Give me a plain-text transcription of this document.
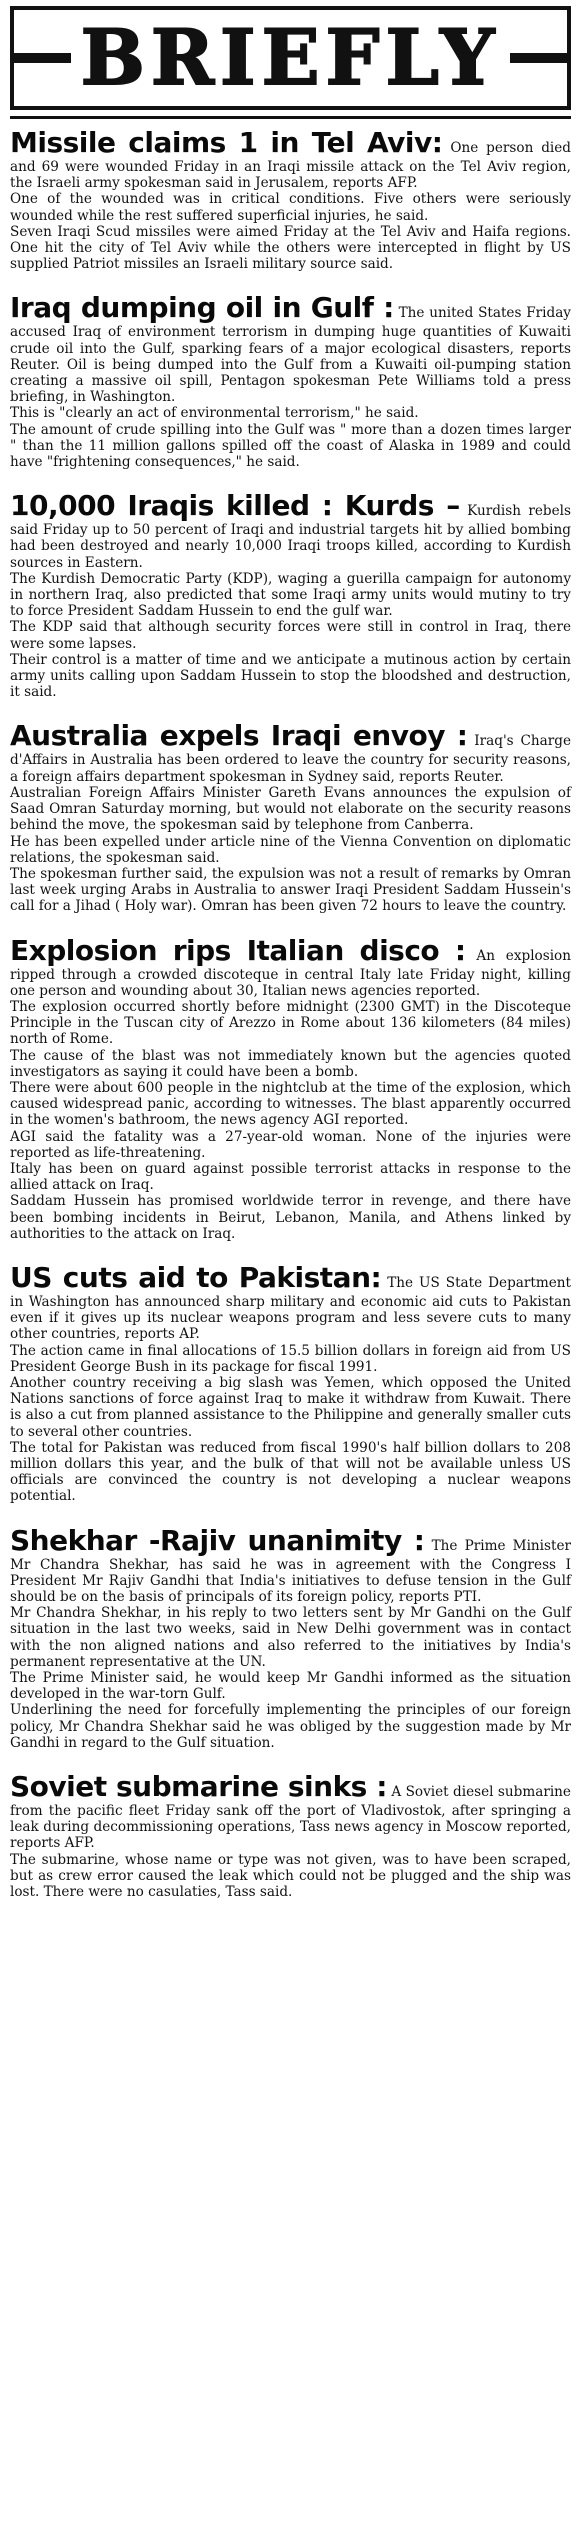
BRIEFLY

Missile claims 1 in Tel Aviv: One person died and 69 were wounded Friday in an Iraqi missile attack on the Tel Aviv region, the Israeli army spokesman said in Jerusalem, reports AFP.

One of the wounded was in critical conditions. Five others were seriously wounded while the rest suffered superficial injuries, he said.

Seven Iraqi Scud missiles were aimed Friday at the Tel Aviv and Haifa regions. One hit the city of Tel Aviv while the others were intercepted in flight by US supplied Patriot missiles an Israeli military source said.

Iraq dumping oil in Gulf : The united States Friday accused Iraq of environment terrorism in dumping huge quantities of Kuwaiti crude oil into the Gulf, sparking fears of a major ecological disasters, reports Reuter. Oil is being dumped into the Gulf from a Kuwaiti oil-pumping station creating a massive oil spill, Pentagon spokesman Pete Williams told a press briefing, in Washington.

This is "clearly an act of environmental terrorism," he said.

The amount of crude spilling into the Gulf was " more than a dozen times larger " than the 11 million gallons spilled off the coast of Alaska in 1989 and could have "frightening consequences," he said.

10,000 Iraqis killed : Kurds – Kurdish rebels said Friday up to 50 percent of Iraqi and industrial targets hit by allied bombing had been destroyed and nearly 10,000 Iraqi troops killed, according to Kurdish sources in Eastern.

The Kurdish Democratic Party (KDP), waging a guerilla campaign for autonomy in northern Iraq, also predicted that some Iraqi army units would mutiny to try to force President Saddam Hussein to end the gulf war.

The KDP said that although security forces were still in control in Iraq, there were some lapses.

Their control is a matter of time and we anticipate a mutinous action by certain army units calling upon Saddam Hussein to stop the bloodshed and destruction, it said.

Australia expels Iraqi envoy : Iraq's Charge d'Affairs in Australia has been ordered to leave the country for security reasons, a foreign affairs department spokesman in Sydney said, reports Reuter.

Australian Foreign Affairs Minister Gareth Evans announces the expulsion of Saad Omran Saturday morning, but would not elaborate on the security reasons behind the move, the spokesman said by telephone from Canberra.

He has been expelled under article nine of the Vienna Convention on diplomatic relations, the spokesman said.

The spokesman further said, the expulsion was not a result of remarks by Omran last week urging Arabs in Australia to answer Iraqi President Saddam Hussein's call for a Jihad ( Holy war). Omran has been given 72 hours to leave the country.

Explosion rips Italian disco : An explosion ripped through a crowded discoteque in central Italy late Friday night, killing one person and wounding about 30, Italian news agencies reported.

The explosion occurred shortly before midnight (2300 GMT) in the Discoteque Principle in the Tuscan city of Arezzo in Rome about 136 kilometers (84 miles) north of Rome.

The cause of the blast was not immediately known but the agencies quoted investigators as saying it could have been a bomb.

There were about 600 people in the nightclub at the time of the explosion, which caused widespread panic, according to witnesses. The blast apparently occurred in the women's bathroom, the news agency AGI reported.

AGI said the fatality was a 27-year-old woman. None of the injuries were reported as life-threatening.

Italy has been on guard against possible terrorist attacks in response to the allied attack on Iraq.

Saddam Hussein has promised worldwide terror in revenge, and there have been bombing incidents in Beirut, Lebanon, Manila, and Athens linked by authorities to the attack on Iraq.

US cuts aid to Pakistan: The US State Department in Washington has announced sharp military and economic aid cuts to Pakistan even if it gives up its nuclear weapons program and less severe cuts to many other countries, reports AP.

The action came in final allocations of 15.5 billion dollars in foreign aid from US President George Bush in its package for fiscal 1991.

Another country receiving a big slash was Yemen, which opposed the United Nations sanctions of force against Iraq to make it withdraw from Kuwait. There is also a cut from planned assistance to the Philippine and generally smaller cuts to several other countries.

The total for Pakistan was reduced from fiscal 1990's half billion dollars to 208 million dollars this year, and the bulk of that will not be available unless US officials are convinced the country is not developing a nuclear weapons potential.

Shekhar -Rajiv unanimity : The Prime Minister Mr Chandra Shekhar, has said he was in agreement with the Congress I President Mr Rajiv Gandhi that India's initiatives to defuse tension in the Gulf should be on the basis of principals of its foreign policy, reports PTI.

Mr Chandra Shekhar, in his reply to two letters sent by Mr Gandhi on the Gulf situation in the last two weeks, said in New Delhi government was in contact with the non aligned nations and also referred to the initiatives by India's permanent representative at the UN.

The Prime Minister said, he would keep Mr Gandhi informed as the situation developed in the war-torn Gulf.

Underlining the need for forcefully implementing the principles of our foreign policy, Mr Chandra Shekhar said he was obliged by the suggestion made by Mr Gandhi in regard to the Gulf situation.

Soviet submarine sinks : A Soviet diesel submarine from the pacific fleet Friday sank off the port of Vladivostok, after springing a leak during decommissioning operations, Tass news agency in Moscow reported, reports AFP.

The submarine, whose name or type was not given, was to have been scraped, but as crew error caused the leak which could not be plugged and the ship was lost. There were no casulaties, Tass said.
